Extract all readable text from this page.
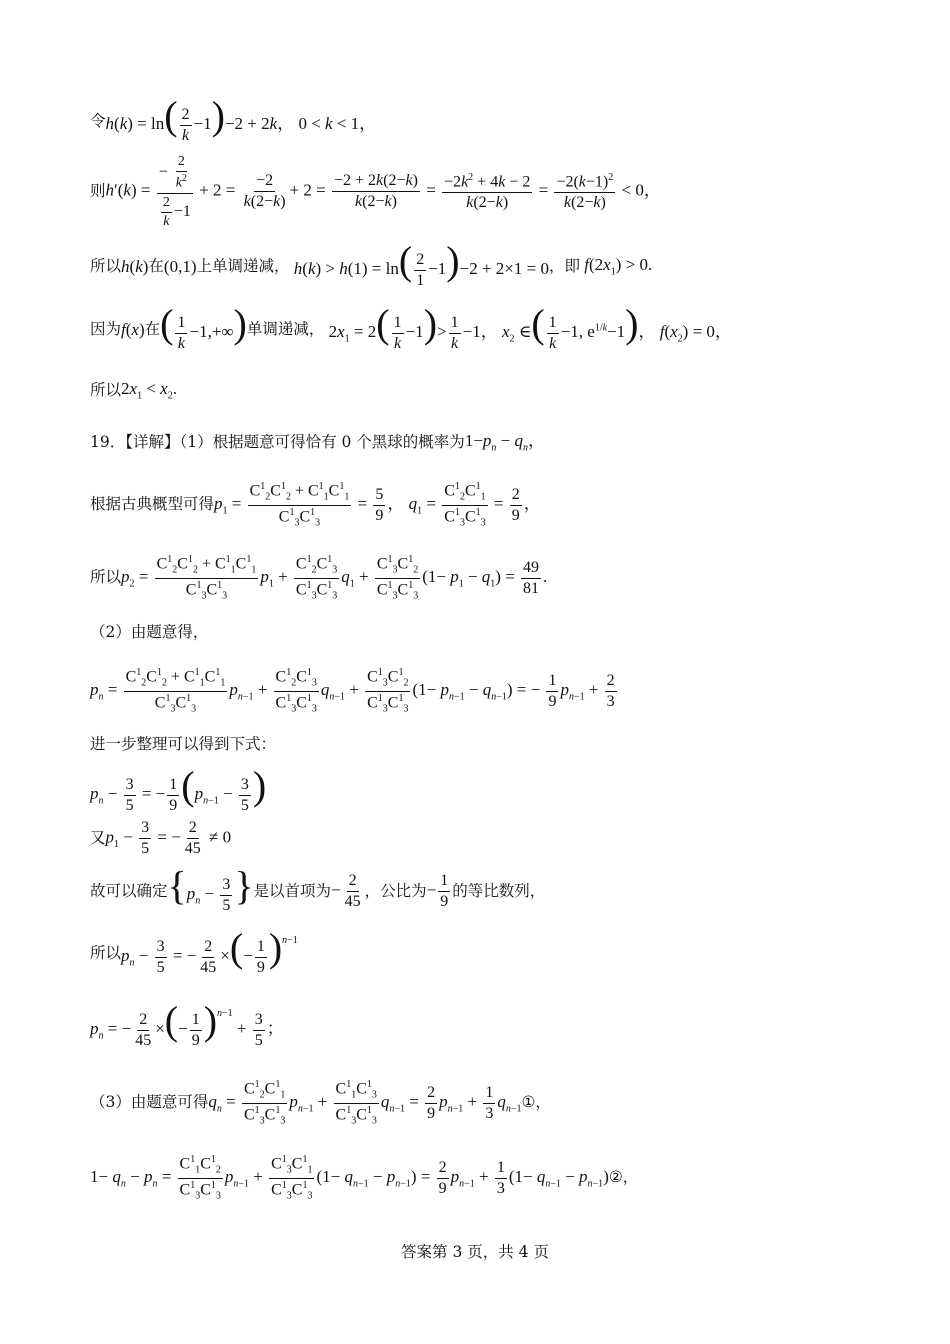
令 $h(k) = \ln( \frac{2}{k} -1)-2 + 2k$， 0 < k < 1，
则 $h'(k) = \frac{- \frac{2}{k^2}}{\frac{2}{k} -1} + 2 = \frac{-2}{k(2-k)} + 2 = \frac{-2 + 2k(2-k)}{k(2-k)} = \frac{-2k^2 + 4k - 2}{k(2-k)} = \frac{-2(k-1)^2}{k(2-k)} < 0$，
所以 h(k) 在 (0,1) 上单调递减， $h(k) > h(1) = \ln( \frac{2}{1} -1)-2 + 2\times 1 = 0$ ，即 $f(2x_1) > 0$.
因为 f(x) 在 ( $\frac{1}{k} -1,+\infty$) 单调递减， $2x_1 = 2( \frac{1}{k} -1)> \frac{1}{k} -1$， $x_2$ ∈( $\frac{1}{k} -1$, $e^{1/k}-1$)， $f(x_2) = 0$，
所以 $2x_1 < x_2$.
19．【详解】（1）根据题意可得恰有 0 个黑球的概率为 $1-p_n - q_n$，
根据古典概型可得 $p_1 = \frac{C^1_2C^1_2 + C^1_1C^1_1}{C^1_3C^1_3} = \frac{5}{9}$ ， $q_1 = \frac{C^1_2C^1_1}{C^1_3C^1_3} = \frac{2}{9}$ ，
所以 $p_2 = \frac{C^1_2C^1_2 + C^1_1C^1_1}{C^1_3C^1_3} p_1 + \frac{C^1_2C^1_3}{C^1_3C^1_3} q_1 + \frac{C^1_3C^1_2}{C^1_3C^1_3} (1- p_1 - q_1) = \frac{49}{81}$ .
（2）由题意得，
$p_n = \frac{C^1_2C^1_2 + C^1_1C^1_1}{C^1_3C^1_3} p_{n-1} + \frac{C^1_2C^1_3}{C^1_3C^1_3} q_{n-1} + \frac{C^1_3C^1_2}{C^1_3C^1_3} (1- p_{n-1} - q_{n-1})$ = − $\frac{1}{9} p_{n-1} + \frac{2}{3}$
进一步整理可以得到下式：
$p_n - \frac{3}{5}$ = − $\frac{1}{9} (p_{n-1} - \frac{3}{5}$ )
又 $p_1 - \frac{3}{5}$ = − $\frac{2}{45} \ne 0$
故可以确定 {$p_n - \frac{3}{5}$ } 是以首项为 − $\frac{2}{45}$ ，公比为 − $\frac{1}{9}$ 的等比数列，
所以 $p_n - \frac{3}{5}$ = − $\frac{2}{45}$ ×(− $\frac{1}{9} )^{n-1}$
$p_n$ = − $\frac{2}{45}$ ×(− $\frac{1}{9} )^{n-1} + \frac{3}{5}$ ；
（3）由题意可得 $q_n = \frac{C^1_2C^1_1}{C^1_3C^1_3} p_{n-1} + \frac{C^1_1C^1_3}{C^1_3C^1_3} q_{n-1} = \frac{2}{9} p_{n-1} + \frac{1}{3} q_{n-1}$ ①，
$1- q_n - p_n = \frac{C^1_1C^1_2}{C^1_3C^1_3} p_{n-1} + \frac{C^1_3C^1_1}{C^1_3C^1_3} (1- q_{n-1} - p_{n-1}) = \frac{2}{9} p_{n-1} + \frac{1}{3} (1- q_{n-1} - p_{n-1})$ ②，
答案第 3 页，共 4 页
